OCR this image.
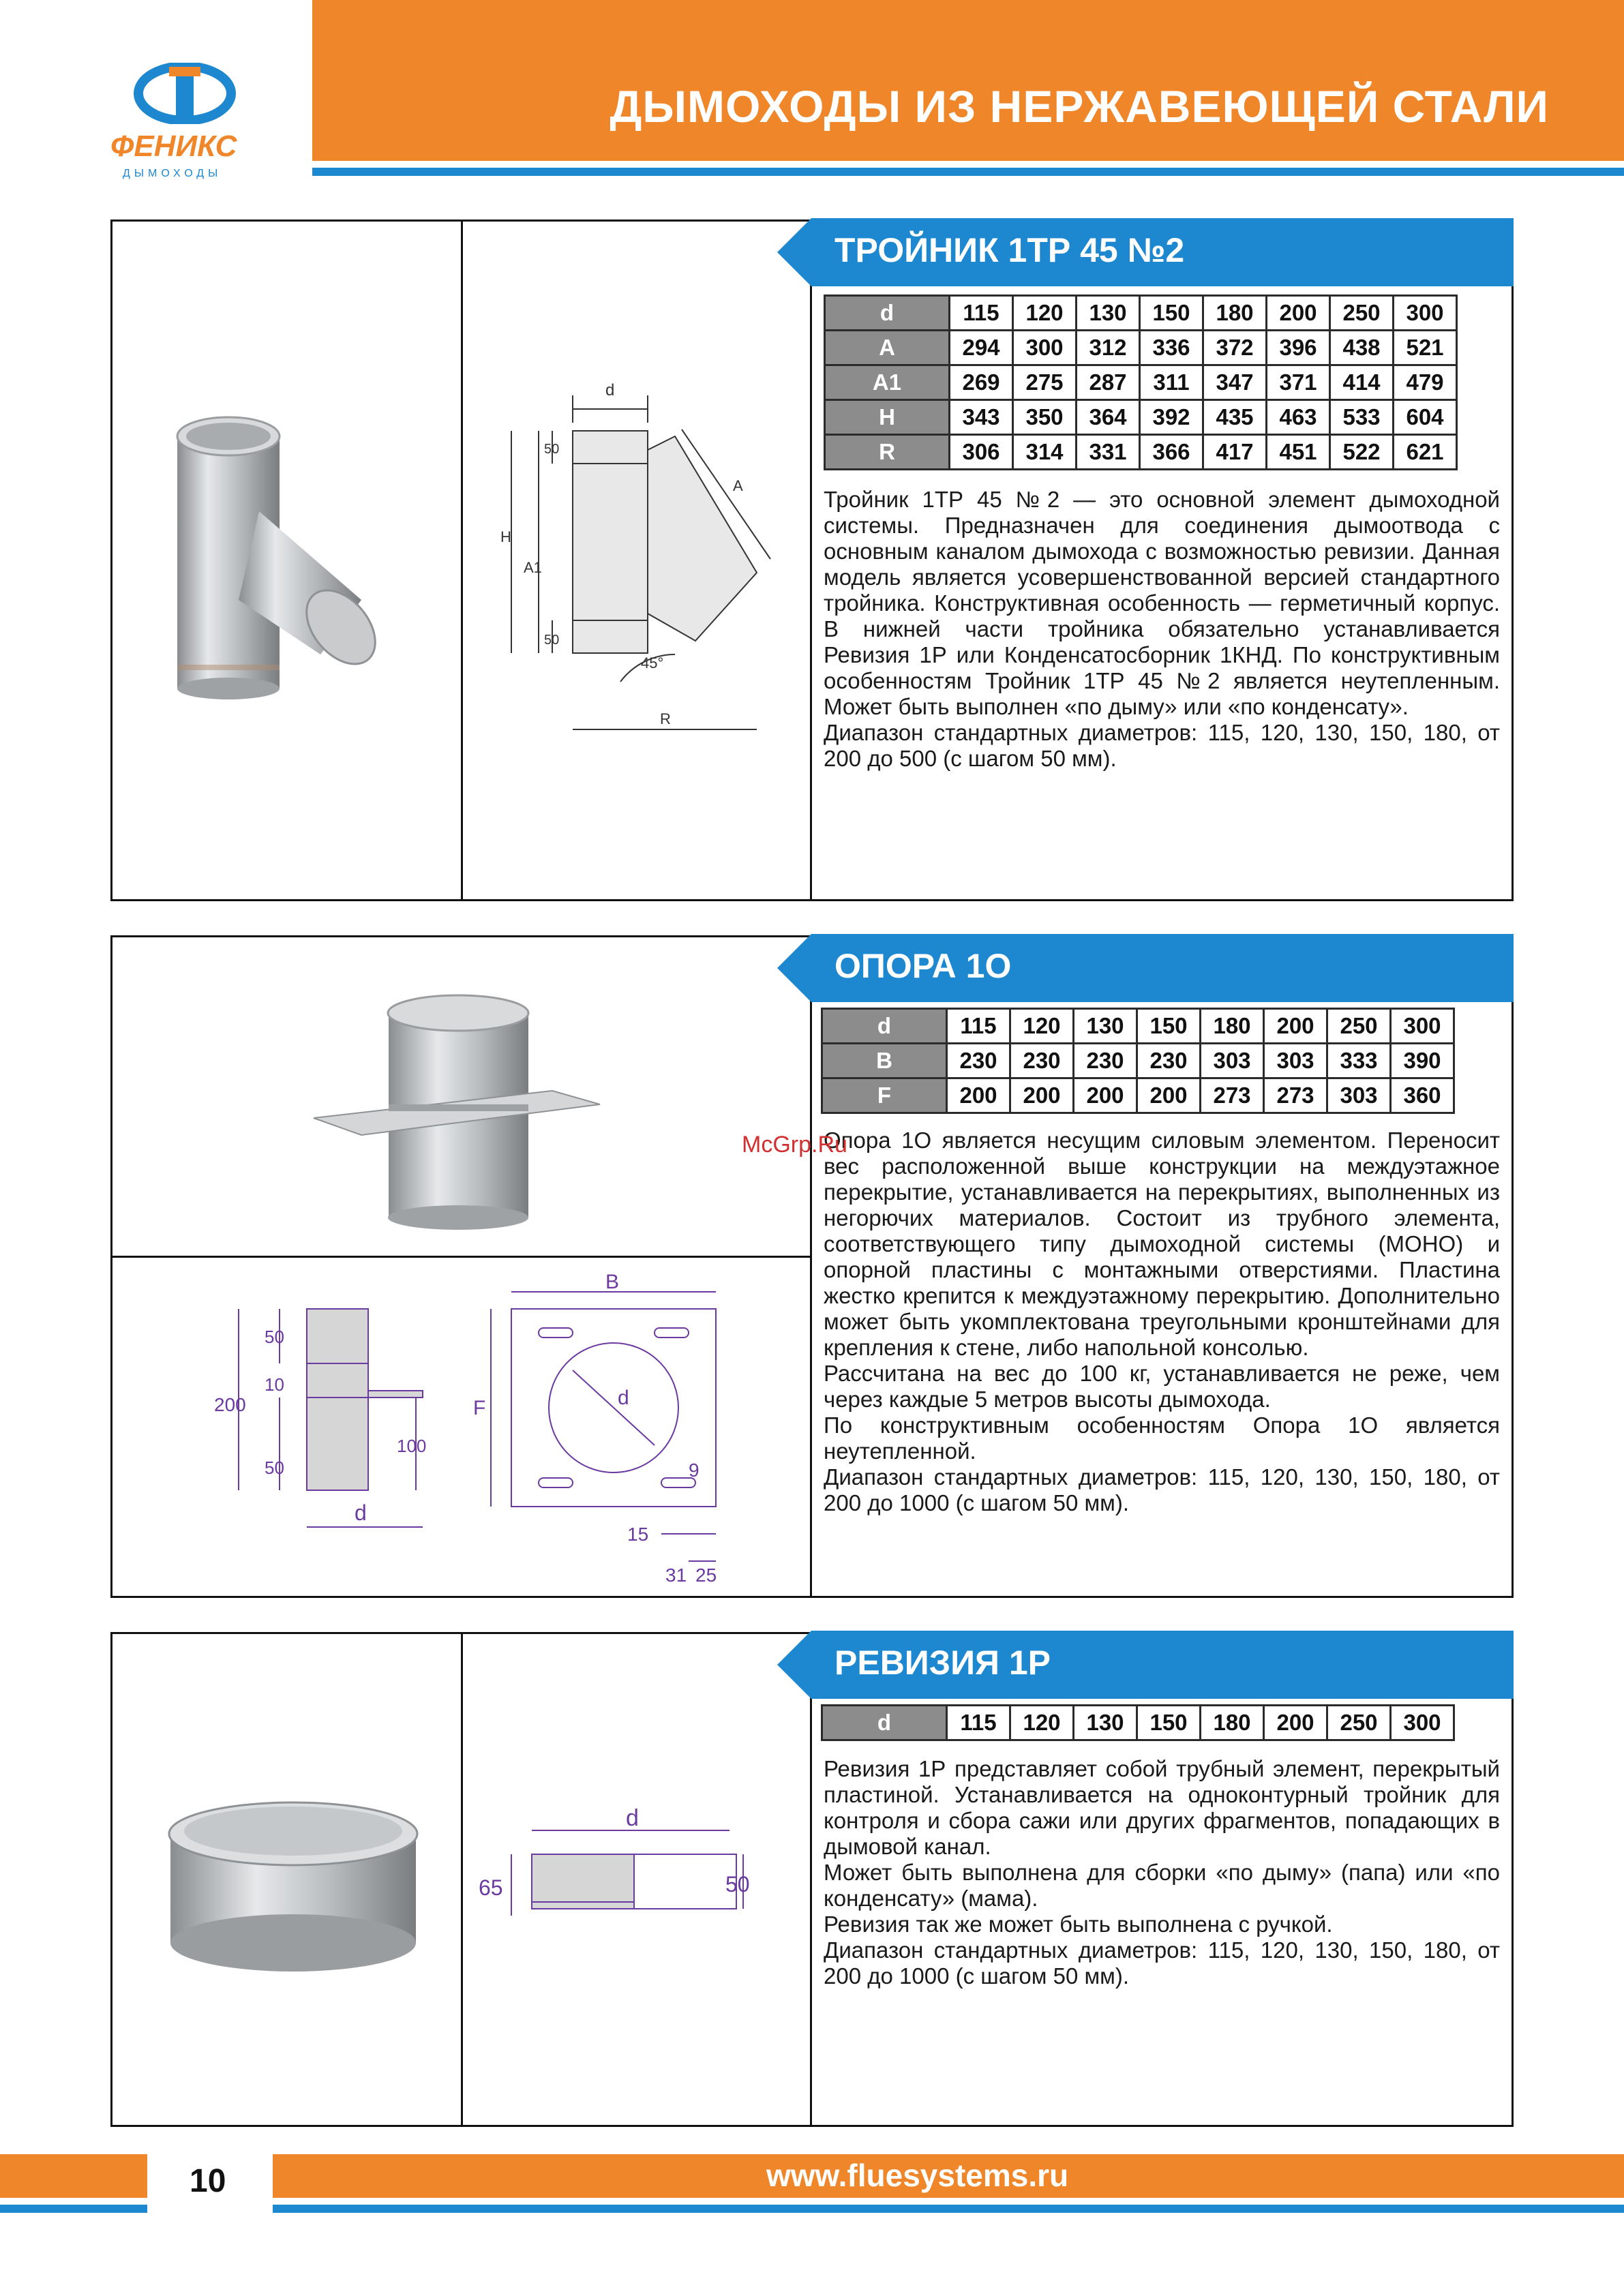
ДЫМОХОДЫ ИЗ НЕРЖАВЕЮЩЕЙ СТАЛИ
ФЕНИКС
ДЫМОХОДЫ
ТРОЙНИК 1ТР 45 №2
d	115	120	130	150	180	200	250	300
A	294	300	312	336	372	396	438	521
A1	269	275	287	311	347	371	414	479
H	343	350	364	392	435	463	533	604
R	306	314	331	366	417	451	522	621

Тройник 1ТР 45 №2 — это основной элемент дымоходной системы. Предназначен для соединения дымоотвода с основным каналом дымохода с возможностью ревизии. Данная модель является усовершенствованной версией стандартного тройника. Конструктивная особенность — герметичный корпус. В нижней части тройника обязательно устанавливается Ревизия 1Р или Конденсатосборник 1КНД. По конструктивным особенностям Тройник 1ТР 45 №2 является неутепленным. Может быть выполнен «по дыму» или «по конденсату».

Диапазон стандартных диаметров: 115, 120, 130, 150, 180, от 200 до 500 (с шагом 50 мм).

d
50
50
H
A1
A
45°
R
ОПОРА 1О
d	115	120	130	150	180	200	250	300
B	230	230	230	230	303	303	333	390
F	200	200	200	200	273	273	303	360

Опора 1О является несущим силовым элементом. Переносит вес расположенной выше конструкции на междуэтажное перекрытие, устанавливается на перекрытиях, выполненных из негорючих материалов. Состоит из трубного элемента, соответствующего типу дымоходной системы (МОНО) и опорной пластины с монтажными отверстиями. Пластина жестко крепится к междуэтажному перекрытию. Дополнительно может быть укомплектована треугольными кронштейнами для крепления к стене, либо напольной консолью.

Рассчитана на вес до 100 кг, устанавливается не реже, чем через каждые 5 метров высоты дымохода.

По конструктивным особенностям Опора 1О является неутепленной.

Диапазон стандартных диаметров: 115, 120, 130, 150, 180, от 200 до 1000 (с шагом 50 мм).

McGrp.Ru
200
50
10
50
100
d
B
F	d
9
15
31 25
РЕВИЗИЯ 1Р
d	115	120	130	150	180	200	250	300

Ревизия 1Р представляет собой трубный элемент, перекрытый пластиной. Устанавливается на одноконтурный тройник для контроля и сбора сажи или других фрагментов, попадающих в дымовой канал.

Может быть выполнена для сборки «по дыму» (папа) или «по конденсату» (мама).

Ревизия так же может быть выполнена с ручкой.

Диапазон стандартных диаметров: 115, 120, 130, 150, 180, от 200 до 1000 (с шагом 50 мм).

d
65	50
10	www.fluesystems.ru
